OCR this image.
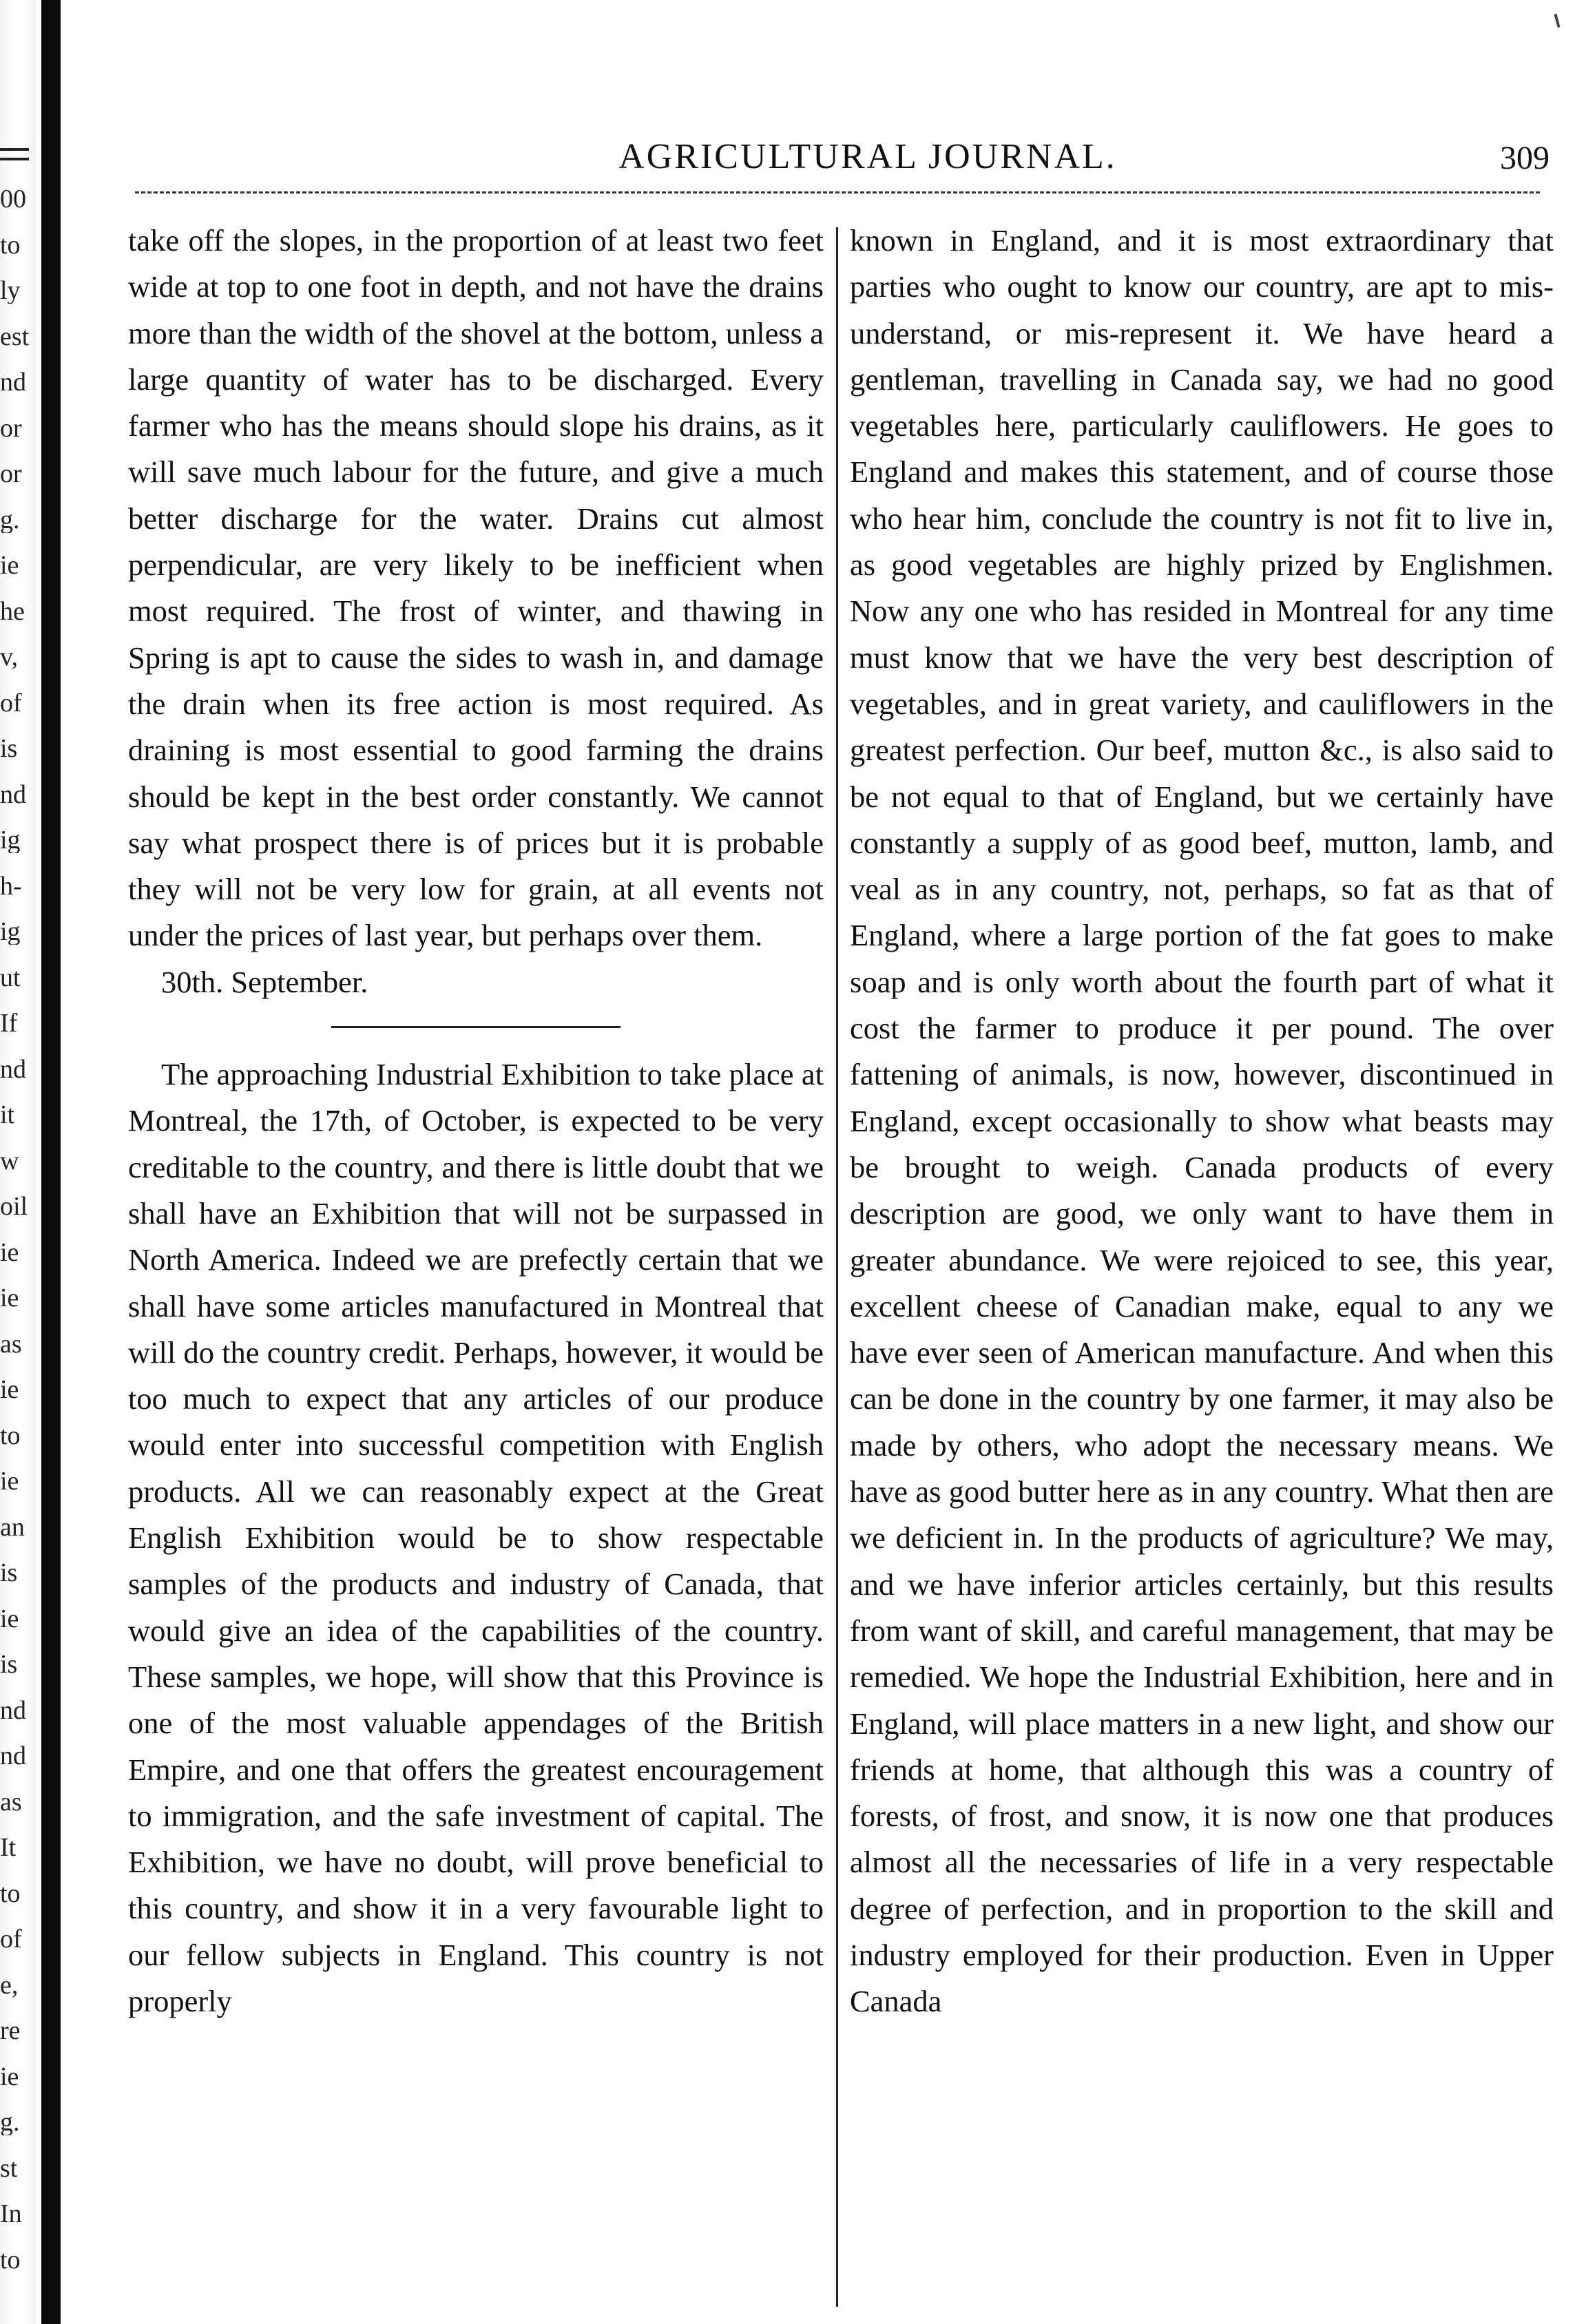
00
to
ly
est
nd
or
or
g.
ie
he
v,
of
is
nd
ig
h-
ig
ut
If
nd
it
w
oil
ie
ie
as
ie
to
ie
an
is
ie
is
nd
nd
as
It
to
of
e,
re
ie
g.
st
In
to
AGRICULTURAL JOURNAL.	309

take off the slopes, in the proportion of at least two feet wide at top to one foot in depth, and not have the drains more than the width of the shovel at the bottom, unless a large quantity of water has to be discharged. Every farmer who has the means should slope his drains, as it will save much labour for the future, and give a much better discharge for the water. Drains cut almost perpendicular, are very likely to be inefficient when most required. The frost of winter, and thawing in Spring is apt to cause the sides to wash in, and damage the drain when its free action is most required. As draining is most essential to good farming the drains should be kept in the best order constantly. We cannot say what prospect there is of prices but it is probable they will not be very low for grain, at all events not under the prices of last year, but perhaps over them.

30th. September.

The approaching Industrial Exhibition to take place at Montreal, the 17th, of October, is expected to be very creditable to the country, and there is little doubt that we shall have an Exhibition that will not be surpassed in North America. Indeed we are prefectly certain that we shall have some articles manufactured in Montreal that will do the country credit. Perhaps, however, it would be too much to expect that any articles of our produce would enter into successful competition with English products. All we can reasonably expect at the Great English Exhibition would be to show respectable samples of the products and industry of Canada, that would give an idea of the capabilities of the country. These samples, we hope, will show that this Province is one of the most valuable appendages of the British Empire, and one that offers the greatest encouragement to immigration, and the safe investment of capital. The Exhibition, we have no doubt, will prove beneficial to this country, and show it in a very favourable light to our fellow subjects in England. This country is not properly

known in England, and it is most extraordinary that parties who ought to know our country, are apt to mis-understand, or mis-represent it. We have heard a gentleman, travelling in Canada say, we had no good vegetables here, particularly cauliflowers. He goes to England and makes this statement, and of course those who hear him, conclude the country is not fit to live in, as good vegetables are highly prized by Englishmen. Now any one who has resided in Montreal for any time must know that we have the very best description of vegetables, and in great variety, and cauliflowers in the greatest perfection. Our beef, mutton &c., is also said to be not equal to that of England, but we certainly have constantly a supply of as good beef, mutton, lamb, and veal as in any country, not, perhaps, so fat as that of England, where a large portion of the fat goes to make soap and is only worth about the fourth part of what it cost the farmer to produce it per pound. The over fattening of animals, is now, however, discontinued in England, except occasionally to show what beasts may be brought to weigh. Canada products of every description are good, we only want to have them in greater abundance. We were rejoiced to see, this year, excellent cheese of Canadian make, equal to any we have ever seen of American manufacture. And when this can be done in the country by one farmer, it may also be made by others, who adopt the necessary means. We have as good butter here as in any country. What then are we deficient in. In the products of agriculture? We may, and we have inferior articles certainly, but this results from want of skill, and careful management, that may be remedied. We hope the Industrial Exhibition, here and in England, will place matters in a new light, and show our friends at home, that although this was a country of forests, of frost, and snow, it is now one that produces almost all the necessaries of life in a very respectable degree of perfection, and in proportion to the skill and industry employed for their production. Even in Upper Canada
